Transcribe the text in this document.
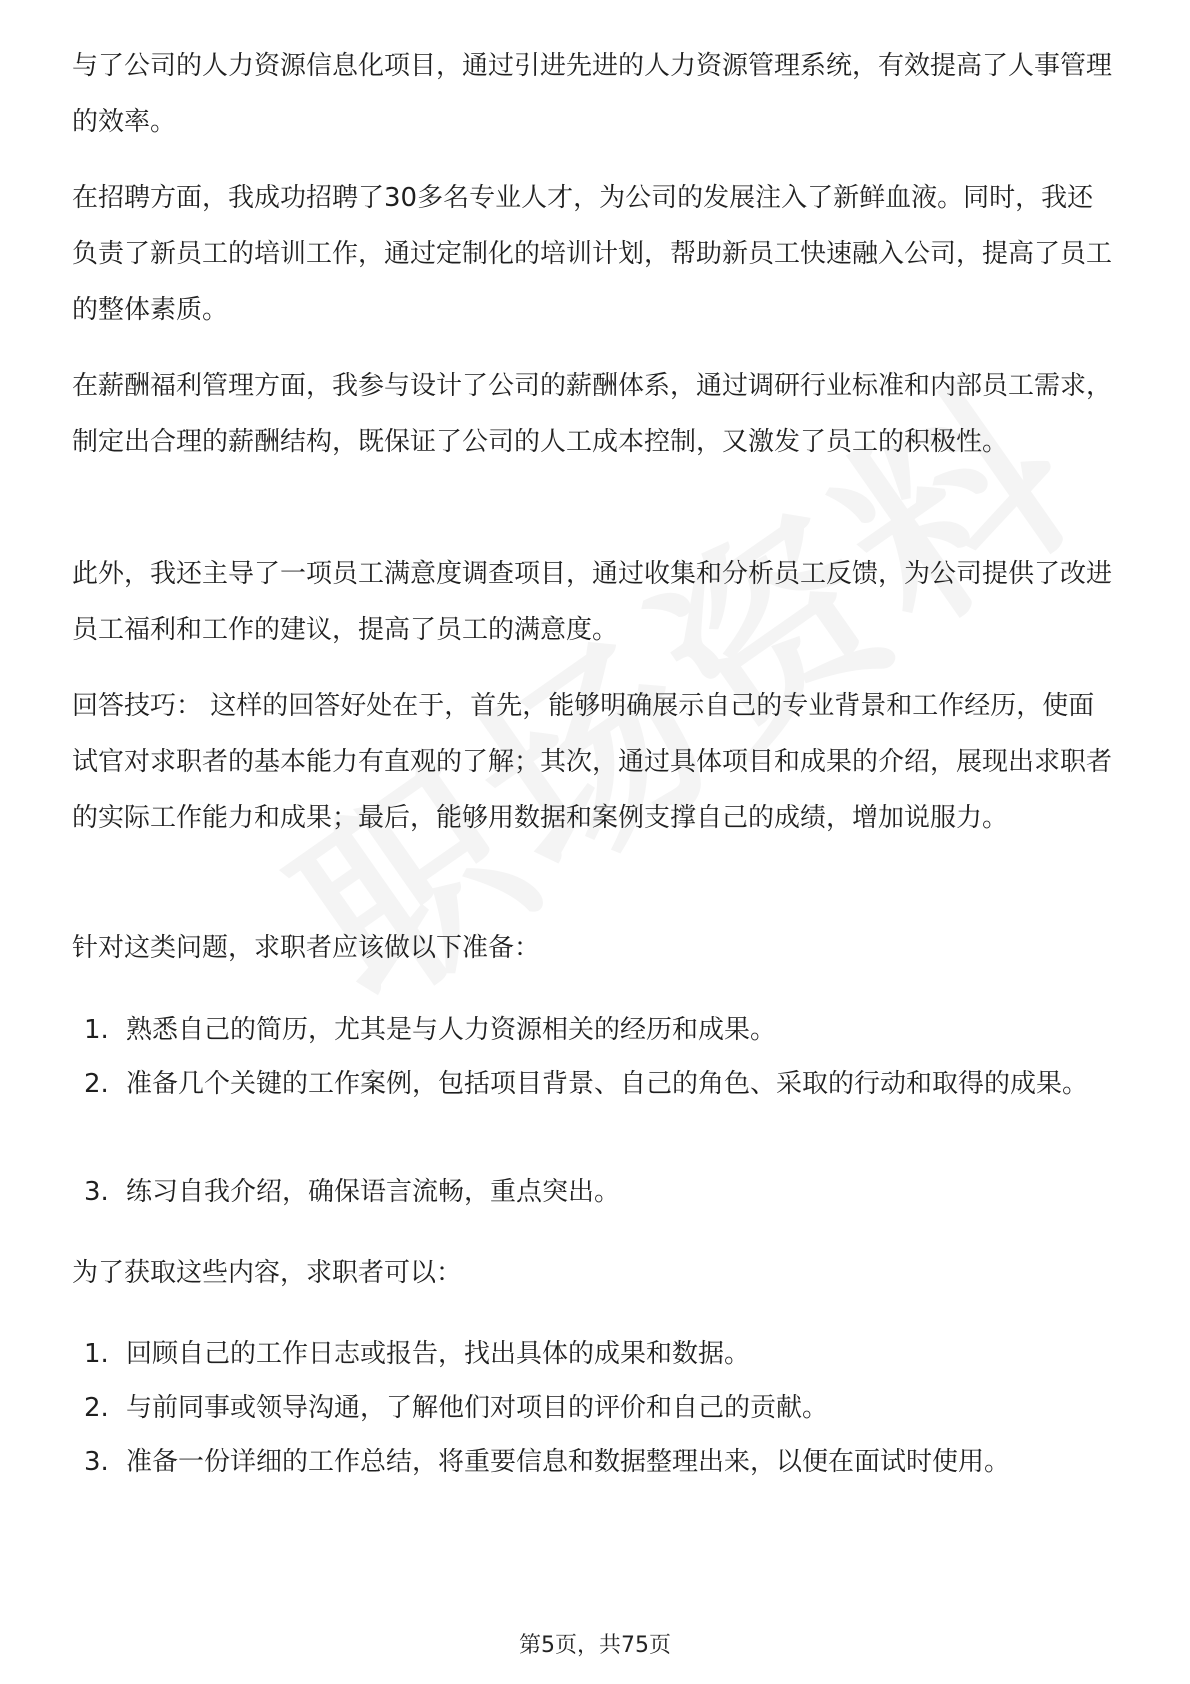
与了公司的人力资源信息化项目，通过引进先进的人力资源管理系统，有效提高了人事管理的效率。

在招聘方面，我成功招聘了30多名专业人才，为公司的发展注入了新鲜血液。同时，我还负责了新员工的培训工作，通过定制化的培训计划，帮助新员工快速融入公司，提高了员工的整体素质。

在薪酬福利管理方面，我参与设计了公司的薪酬体系，通过调研行业标准和内部员工需求，制定出合理的薪酬结构，既保证了公司的人工成本控制，又激发了员工的积极性。

此外，我还主导了一项员工满意度调查项目，通过收集和分析员工反馈，为公司提供了改进员工福利和工作的建议，提高了员工的满意度。

回答技巧： 这样的回答好处在于，首先，能够明确展示自己的专业背景和工作经历，使面试官对求职者的基本能力有直观的了解；其次，通过具体项目和成果的介绍，展现出求职者的实际工作能力和成果；最后，能够用数据和案例支撑自己的成绩，增加说服力。

针对这类问题，求职者应该做以下准备：

1. 熟悉自己的简历，尤其是与人力资源相关的经历和成果。
2. 准备几个关键的工作案例，包括项目背景、自己的角色、采取的行动和取得的成果。
3. 练习自我介绍，确保语言流畅，重点突出。

为了获取这些内容，求职者可以：

1. 回顾自己的工作日志或报告，找出具体的成果和数据。
2. 与前同事或领导沟通，了解他们对项目的评价和自己的贡献。
3. 准备一份详细的工作总结，将重要信息和数据整理出来，以便在面试时使用。
第5页，共75页
